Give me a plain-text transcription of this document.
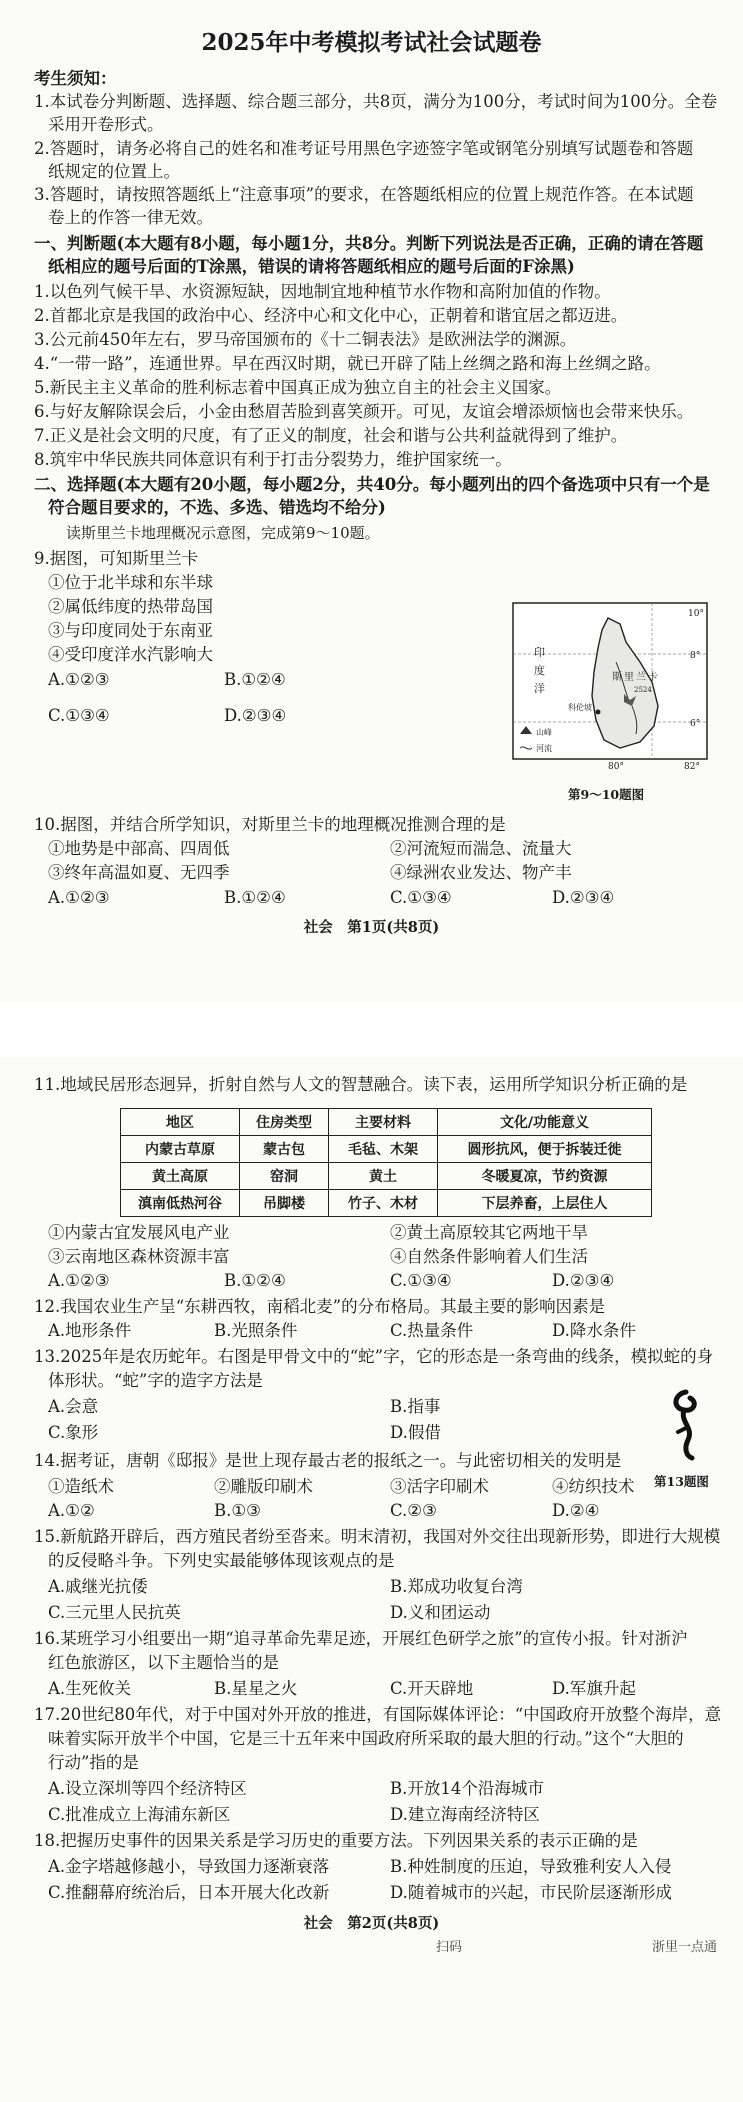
2025年中考模拟考试社会试题卷
考生须知：
1.本试卷分判断题、选择题、综合题三部分，共8页，满分为100分，考试时间为100分。全卷
采用开卷形式。
2.答题时，请务必将自己的姓名和准考证号用黑色字迹签字笔或钢笔分别填写试题卷和答题
纸规定的位置上。
3.答题时，请按照答题纸上“注意事项”的要求，在答题纸相应的位置上规范作答。在本试题
卷上的作答一律无效。
一、判断题(本大题有8小题，每小题1分，共8分。判断下列说法是否正确，正确的请在答题
纸相应的题号后面的T涂黑，错误的请将答题纸相应的题号后面的F涂黑)
1.以色列气候干旱、水资源短缺，因地制宜地种植节水作物和高附加值的作物。
2.首都北京是我国的政治中心、经济中心和文化中心，正朝着和谐宜居之都迈进。
3.公元前450年左右，罗马帝国颁布的《十二铜表法》是欧洲法学的渊源。
4.“一带一路”，连通世界。早在西汉时期，就已开辟了陆上丝绸之路和海上丝绸之路。
5.新民主主义革命的胜利标志着中国真正成为独立自主的社会主义国家。
6.与好友解除误会后，小金由愁眉苦脸到喜笑颜开。可见，友谊会增添烦恼也会带来快乐。
7.正义是社会文明的尺度，有了正义的制度，社会和谐与公共利益就得到了维护。
8.筑牢中华民族共同体意识有利于打击分裂势力，维护国家统一。
二、选择题(本大题有20小题，每小题2分，共40分。每小题列出的四个备选项中只有一个是
符合题目要求的，不选、多选、错选均不给分)
读斯里兰卡地理概况示意图，完成第9～10题。
9.据图，可知斯里兰卡
①位于北半球和东半球
②属低纬度的热带岛国
③与印度同处于东南亚
④受印度洋水汽影响大
A.①②③	B.①②④
C.①③④	D.②③④
10°
8°
6°
80°	82°
印
度
洋
斯 里 兰 卡
山峰
河流
科伦坡
2524
第9～10题图
10.据图，并结合所学知识，对斯里兰卡的地理概况推测合理的是
①地势是中部高、四周低	②河流短而湍急、流量大
③终年高温如夏、无四季	④绿洲农业发达、物产丰
A.①②③	B.①②④	C.①③④	D.②③④
社会　第1页(共8页)
11.地域民居形态迥异，折射自然与人文的智慧融合。读下表，运用所学知识分析正确的是
地区	住房类型	主要材料	文化/功能意义
内蒙古草原	蒙古包	毛毡、木架	圆形抗风，便于拆装迁徙
黄土高原	窑洞	黄土	冬暖夏凉，节约资源
滇南低热河谷	吊脚楼	竹子、木材	下层养畜，上层住人
①内蒙古宜发展风电产业	②黄土高原较其它两地干旱
③云南地区森林资源丰富	④自然条件影响着人们生活
A.①②③	B.①②④	C.①③④	D.②③④
12.我国农业生产呈“东耕西牧，南稻北麦”的分布格局。其最主要的影响因素是
A.地形条件	B.光照条件	C.热量条件	D.降水条件
13.2025年是农历蛇年。右图是甲骨文中的“蛇”字，它的形态是一条弯曲的线条，模拟蛇的身
体形状。“蛇”字的造字方法是
A.会意	B.指事
C.象形	D.假借
第13题图
14.据考证，唐朝《邸报》是世上现存最古老的报纸之一。与此密切相关的发明是
①造纸术	②雕版印刷术	③活字印刷术	④纺织技术
A.①②	B.①③	C.②③	D.②④
15.新航路开辟后，西方殖民者纷至沓来。明末清初，我国对外交往出现新形势，即进行大规模
的反侵略斗争。下列史实最能够体现该观点的是
A.戚继光抗倭	B.郑成功收复台湾
C.三元里人民抗英	D.义和团运动
16.某班学习小组要出一期“追寻革命先辈足迹，开展红色研学之旅”的宣传小报。针对浙沪
红色旅游区，以下主题恰当的是
A.生死攸关	B.星星之火	C.开天辟地	D.军旗升起
17.20世纪80年代，对于中国对外开放的推进，有国际媒体评论：“中国政府开放整个海岸，意
味着实际开放半个中国，它是三十五年来中国政府所采取的最大胆的行动。”这个“大胆的
行动”指的是
A.设立深圳等四个经济特区	B.开放14个沿海城市
C.批准成立上海浦东新区	D.建立海南经济特区
18.把握历史事件的因果关系是学习历史的重要方法。下列因果关系的表示正确的是
A.金字塔越修越小，导致国力逐渐衰落	B.种姓制度的压迫，导致雅利安人入侵
C.推翻幕府统治后，日本开展大化改新	D.随着城市的兴起，市民阶层逐渐形成
社会　第2页(共8页)
扫码	浙里一点通
